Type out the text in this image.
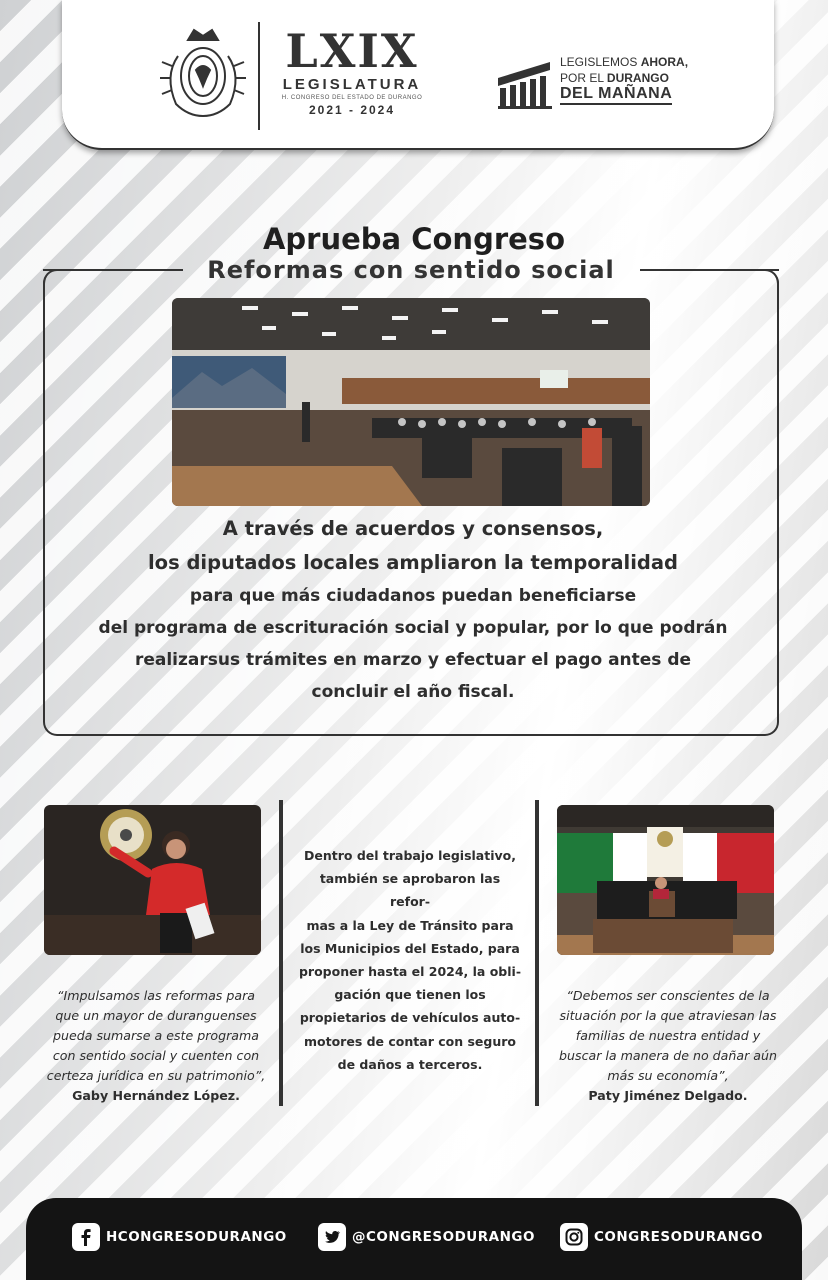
LXIX
LEGISLATURA
H. CONGRESO DEL ESTADO DE DURANGO
2021 - 2024
LEGISLEMOS AHORA,
POR EL DURANGO
DEL MAÑANA
Aprueba Congreso
Reformas con sentido social
A través de acuerdos y consensos,
los diputados locales ampliaron la temporalidad
para que más ciudadanos puedan beneficiarse
del programa de escrituración social y popular, por lo que podrán
realizarsus trámites en marzo y efectuar el pago antes de
concluir el año fiscal.
Dentro del trabajo legislativo,
también se aprobaron las refor-
mas a la Ley de Tránsito para
los Municipios del Estado, para
proponer hasta el 2024, la obli-
gación que tienen los
propietarios de vehículos auto-
motores de contar con seguro
de daños a terceros.
“Impulsamos las reformas para
que un mayor de duranguenses
pueda sumarse a este programa
con sentido social y cuenten con
certeza jurídica en su patrimonio”,
Gaby Hernández López.
“Debemos ser conscientes de la
situación por la que atraviesan las
familias de nuestra entidad y
buscar la manera de no dañar aún
más su economía”,
Paty Jiménez Delgado.
HCONGRESODURANGO	@CONGRESODURANGO	CONGRESODURANGO
